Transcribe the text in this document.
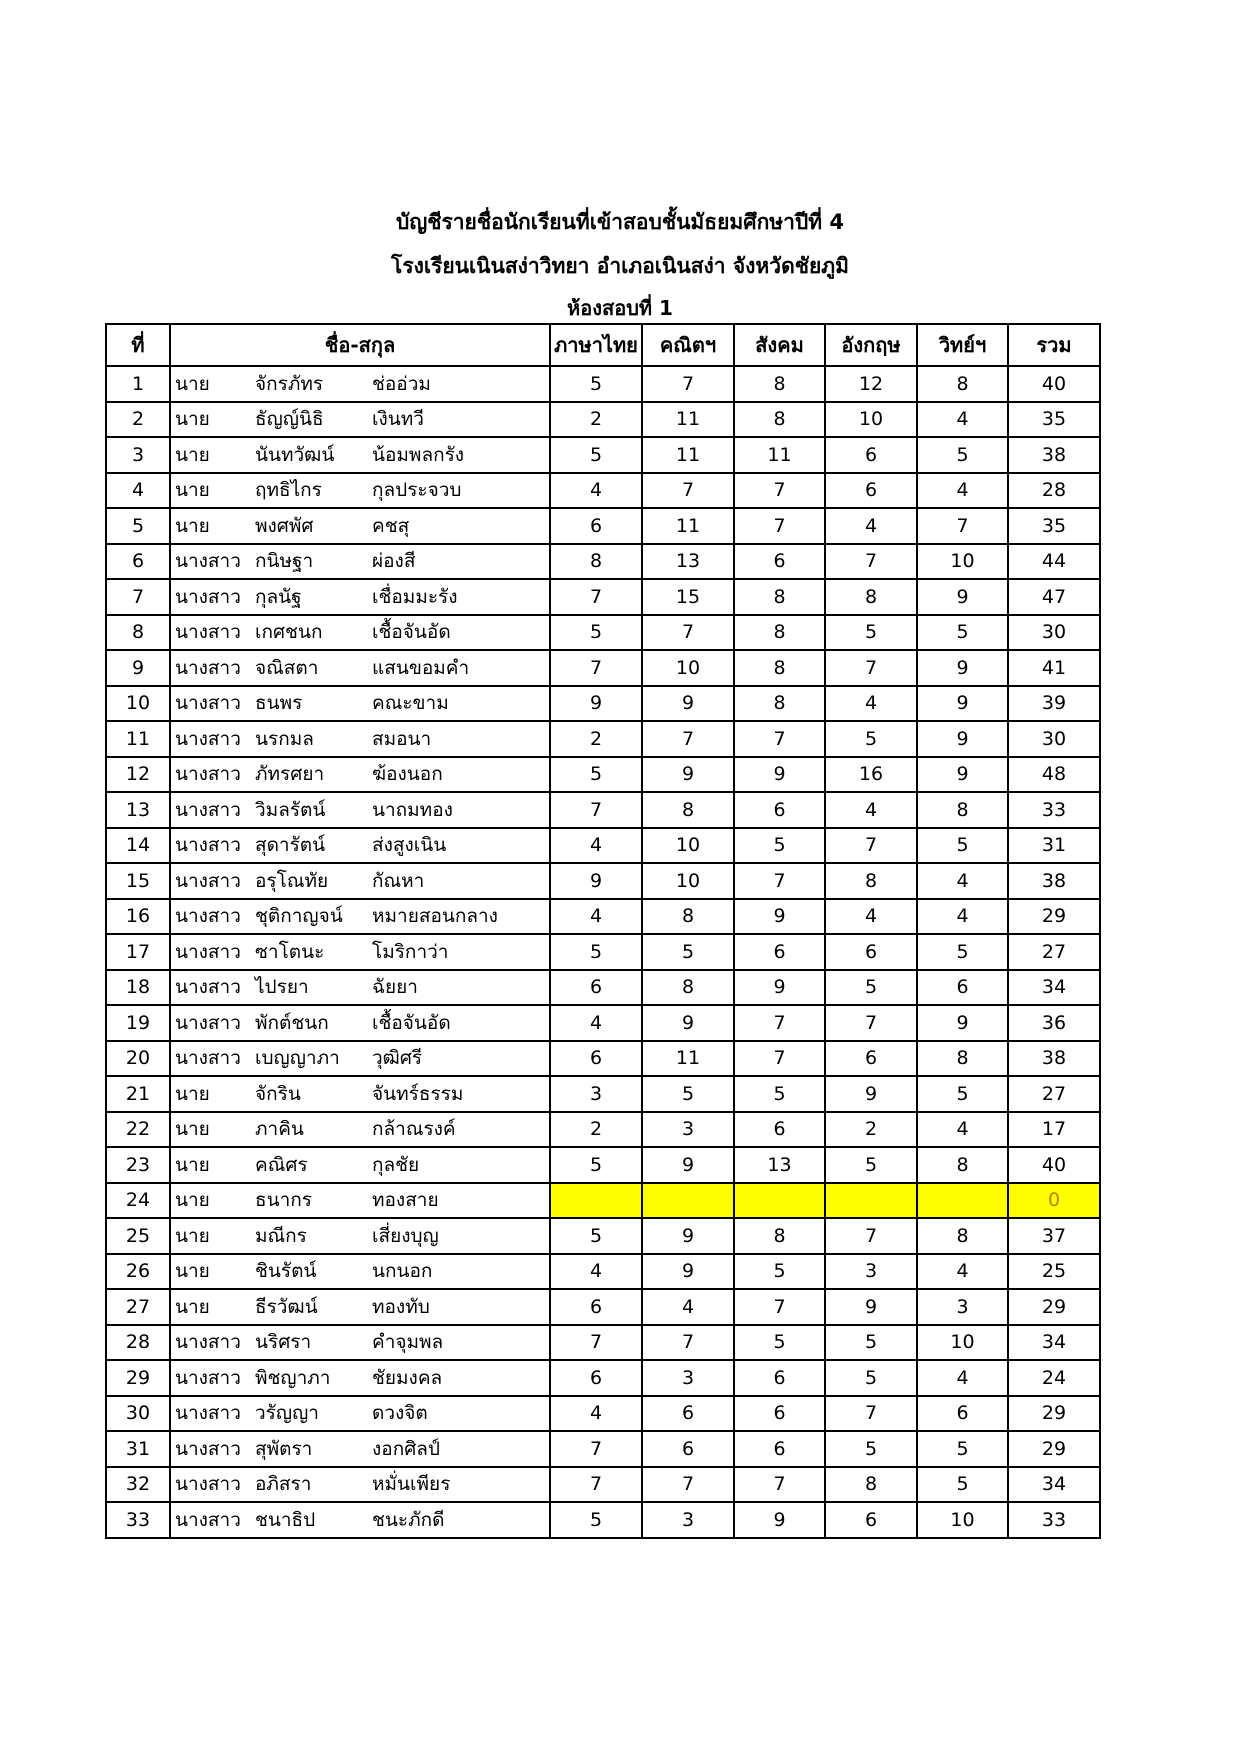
บัญชีรายชื่อนักเรียนที่เข้าสอบชั้นมัธยมศึกษาปีที่ 4
โรงเรียนเนินสง่าวิทยา อำเภอเนินสง่า จังหวัดชัยภูมิ
ห้องสอบที่ 1
ที่	ชื่อ-สกุล	ภาษาไทย	คณิตฯ	สังคม	อังกฤษ	วิทย์ฯ	รวม
1	นาย จักรภัทร ช่ออ่วม	5	7	8	12	8	40
2	นาย ธัญญ์นิธิ เงินทวี	2	11	8	10	4	35
3	นาย นันทวัฒน์ น้อมพลกรัง	5	11	11	6	5	38
4	นาย ฤทธิไกร กุลประจวบ	4	7	7	6	4	28
5	นาย พงศพัศ คชสุ	6	11	7	4	7	35
6	นางสาว กนิษฐา ผ่องสี	8	13	6	7	10	44
7	นางสาว กุลนัฐ เชื่อมมะรัง	7	15	8	8	9	47
8	นางสาว เกศชนก เชื้อจันอัด	5	7	8	5	5	30
9	นางสาว จณิสตา แสนขอมคำ	7	10	8	7	9	41
10	นางสาว ธนพร คณะขาม	9	9	8	4	9	39
11	นางสาว นรกมล สมอนา	2	7	7	5	9	30
12	นางสาว ภัทรศยา ฆ้องนอก	5	9	9	16	9	48
13	นางสาว วิมลรัตน์ นาถมทอง	7	8	6	4	8	33
14	นางสาว สุดารัตน์ ส่งสูงเนิน	4	10	5	7	5	31
15	นางสาว อรุโณทัย กัณหา	9	10	7	8	4	38
16	นางสาว ชุติกาญจน์ หมายสอนกลาง	4	8	9	4	4	29
17	นางสาว ซาโตนะ โมริกาว่า	5	5	6	6	5	27
18	นางสาว ไปรยา ฉัยยา	6	8	9	5	6	34
19	นางสาว พักต์ชนก เชื้อจันอัด	4	9	7	7	9	36
20	นางสาว เบญญาภา วุฒิศรี	6	11	7	6	8	38
21	นาย จักริน จันทร์ธรรม	3	5	5	9	5	27
22	นาย ภาคิน กล้าณรงค์	2	3	6	2	4	17
23	นาย คณิศร กุลชัย	5	9	13	5	8	40
24	นาย ธนากร ทองสาย						0
25	นาย มณีกร เสี่ยงบุญ	5	9	8	7	8	37
26	นาย ชินรัตน์ นกนอก	4	9	5	3	4	25
27	นาย ธีรวัฒน์ ทองทับ	6	4	7	9	3	29
28	นางสาว นริศรา คำจุมพล	7	7	5	5	10	34
29	นางสาว พิชญาภา ชัยมงคล	6	3	6	5	4	24
30	นางสาว วรัญญา ดวงจิต	4	6	6	7	6	29
31	นางสาว สุพัตรา งอกศิลป์	7	6	6	5	5	29
32	นางสาว อภิสรา หมั่นเพียร	7	7	7	8	5	34
33	นางสาว ชนาธิป ชนะภักดี	5	3	9	6	10	33
